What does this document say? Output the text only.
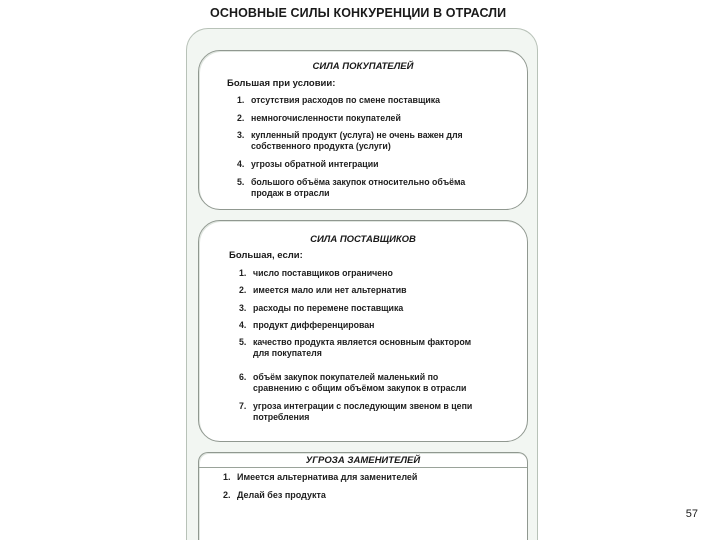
ОСНОВНЫЕ СИЛЫ КОНКУРЕНЦИИ В ОТРАСЛИ
СИЛА ПОКУПАТЕЛЕЙ
Большая при условии:
1. отсутствия расходов по смене поставщика
2. немногочисленности покупателей
3. купленный продукт (услуга) не очень важен для
собственного продукта (услуги)
4. угрозы обратной интеграции
5. большого объёма закупок относительно объёма
продаж в отрасли
СИЛА ПОСТАВЩИКОВ
Большая, если:
1. число поставщиков ограничено
2. имеется мало или нет альтернатив
3. расходы по перемене поставщика
4. продукт дифференцирован
5. качество продукта является основным фактором
для покупателя
6. объём закупок покупателей маленький по
сравнению с общим объёмом закупок в отрасли
7. угроза интеграции с последующим звеном в цепи
потребления
УГРОЗА ЗАМЕНИТЕЛЕЙ
1. Имеется альтернатива для заменителей
2. Делай без продукта
57
